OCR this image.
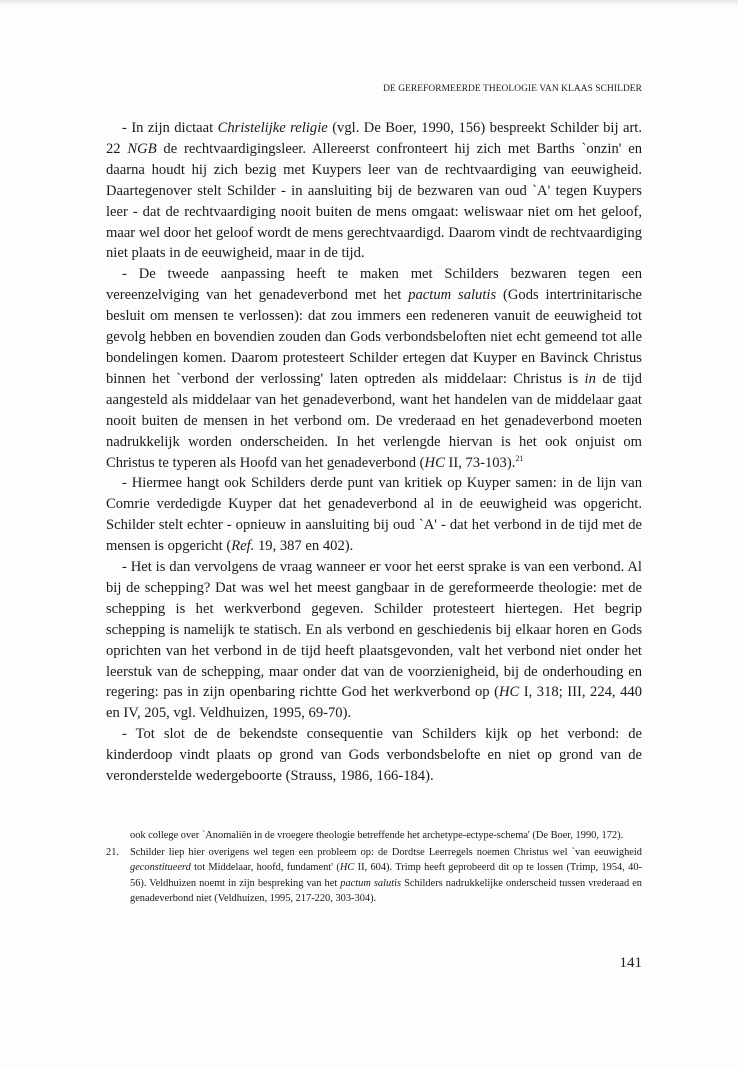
DE GEREFORMEERDE THEOLOGIE VAN KLAAS SCHILDER

- In zijn dictaat Christelijke religie (vgl. De Boer, 1990, 156) bespreekt Schilder bij art. 22 NGB de rechtvaardigingsleer. Allereerst confronteert hij zich met Barths `onzin' en daarna houdt hij zich bezig met Kuypers leer van de rechtvaardiging van eeuwigheid. Daartegenover stelt Schilder - in aansluiting bij de bezwaren van oud `A' tegen Kuypers leer - dat de rechtvaardiging nooit buiten de mens omgaat: weliswaar niet om het geloof, maar wel door het geloof wordt de mens gerechtvaardigd. Daarom vindt de rechtvaardiging niet plaats in de eeuwigheid, maar in de tijd.

- De tweede aanpassing heeft te maken met Schilders bezwaren tegen een vereenzelviging van het genadeverbond met het pactum salutis (Gods intertrinitarische besluit om mensen te verlossen): dat zou immers een redeneren vanuit de eeuwigheid tot gevolg hebben en bovendien zouden dan Gods verbondsbeloften niet echt gemeend tot alle bondelingen komen. Daarom protesteert Schilder ertegen dat Kuyper en Bavinck Christus binnen het `verbond der verlossing' laten optreden als middelaar: Christus is in de tijd aangesteld als middelaar van het genadeverbond, want het handelen van de middelaar gaat nooit buiten de mensen in het verbond om. De vrederaad en het genadeverbond moeten nadrukkelijk worden onderscheiden. In het verlengde hiervan is het ook onjuist om Christus te typeren als Hoofd van het genadeverbond (HC II, 73-103).$^{21}$

- Hiermee hangt ook Schilders derde punt van kritiek op Kuyper samen: in de lijn van Comrie verdedigde Kuyper dat het genadeverbond al in de eeuwigheid was opgericht. Schilder stelt echter - opnieuw in aansluiting bij oud `A' - dat het verbond in de tijd met de mensen is opgericht (Ref. 19, 387 en 402).

- Het is dan vervolgens de vraag wanneer er voor het eerst sprake is van een verbond. Al bij de schepping? Dat was wel het meest gangbaar in de gereformeerde theologie: met de schepping is het werkverbond gegeven. Schilder protesteert hiertegen. Het begrip schepping is namelijk te statisch. En als verbond en geschiedenis bij elkaar horen en Gods oprichten van het verbond in de tijd heeft plaatsgevonden, valt het verbond niet onder het leerstuk van de schepping, maar onder dat van de voorzienigheid, bij de onderhouding en regering: pas in zijn openbaring richtte God het werkverbond op (HC I, 318; III, 224, 440 en IV, 205, vgl. Veldhuizen, 1995, 69-70).

- Tot slot de de bekendste consequentie van Schilders kijk op het verbond: de kinderdoop vindt plaats op grond van Gods verbondsbelofte en niet op grond van de veronderstelde wedergeboorte (Strauss, 1986, 166-184).

ook college over `Anomaliën in de vroegere theologie betreffende het archetype-ectype-schema' (De Boer, 1990, 172).
21.	Schilder liep hier overigens wel tegen een probleem op: de Dordtse Leerregels noemen Christus wel `van eeuwigheid geconstitueerd tot Middelaar, hoofd, fundament' (HC II, 604). Trimp heeft geprobeerd dit op te lossen (Trimp, 1954, 40-56). Veldhuizen noemt in zijn bespreking van het pactum salutis Schilders nadrukkelijke onderscheid tussen vrederaad en genadeverbond niet (Veldhuizen, 1995, 217-220, 303-304).
141
